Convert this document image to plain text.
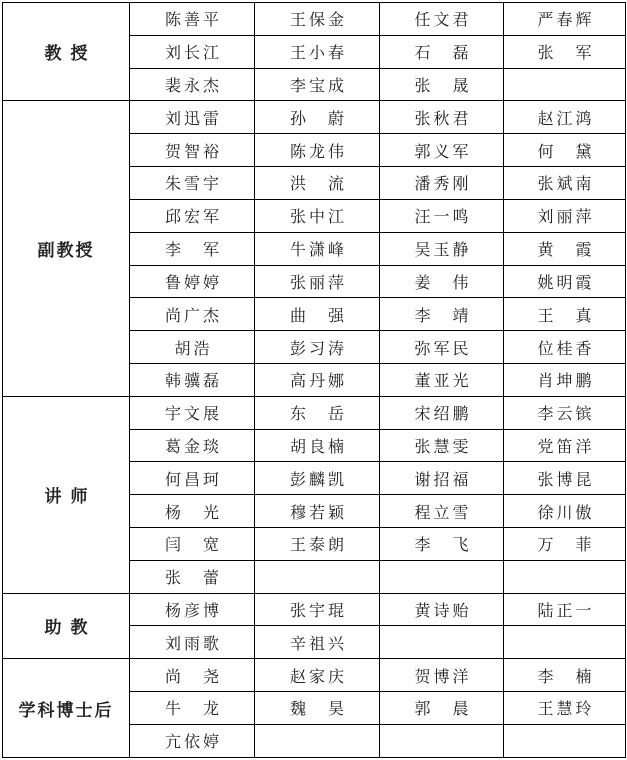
教授	陈善平	王保金	任文君	严春辉
	刘长江	王小春	石　磊	张　军
	裴永杰	李宝成	张　晟	
副教授	刘迅雷	孙　蔚	张秋君	赵江鸿
	贺智裕	陈龙伟	郭义军	何　黛
	朱雪宇	洪　流	潘秀刚	张斌南
	邱宏军	张中江	汪一鸣	刘丽萍
	李　军	牛潇峰	吴玉静	黄　霞
	鲁婷婷	张丽萍	姜　伟	姚明霞
	尚广杰	曲　强	李　靖	王　真
	胡浩	彭习涛	弥军民	位桂香
	韩骥磊	高丹娜	董亚光	肖坤鹏
讲师	宇文展	东　岳	宋绍鹏	李云镔
	葛金琰	胡良楠	张慧雯	党笛洋
	何昌珂	彭麟凯	谢招福	张博昆
	杨　光	穆若颖	程立雪	徐川傲
	闫　宽	王泰朗	李　飞	万　菲
	张　蕾			
助教	杨彦博	张宇琨	黄诗贻	陆正一
	刘雨歌	辛祖兴		
学科博士后	尚　尧	赵家庆	贺博洋	李　楠
	牛　龙	魏　昊	郭　晨	王慧玲
	亢依婷			
